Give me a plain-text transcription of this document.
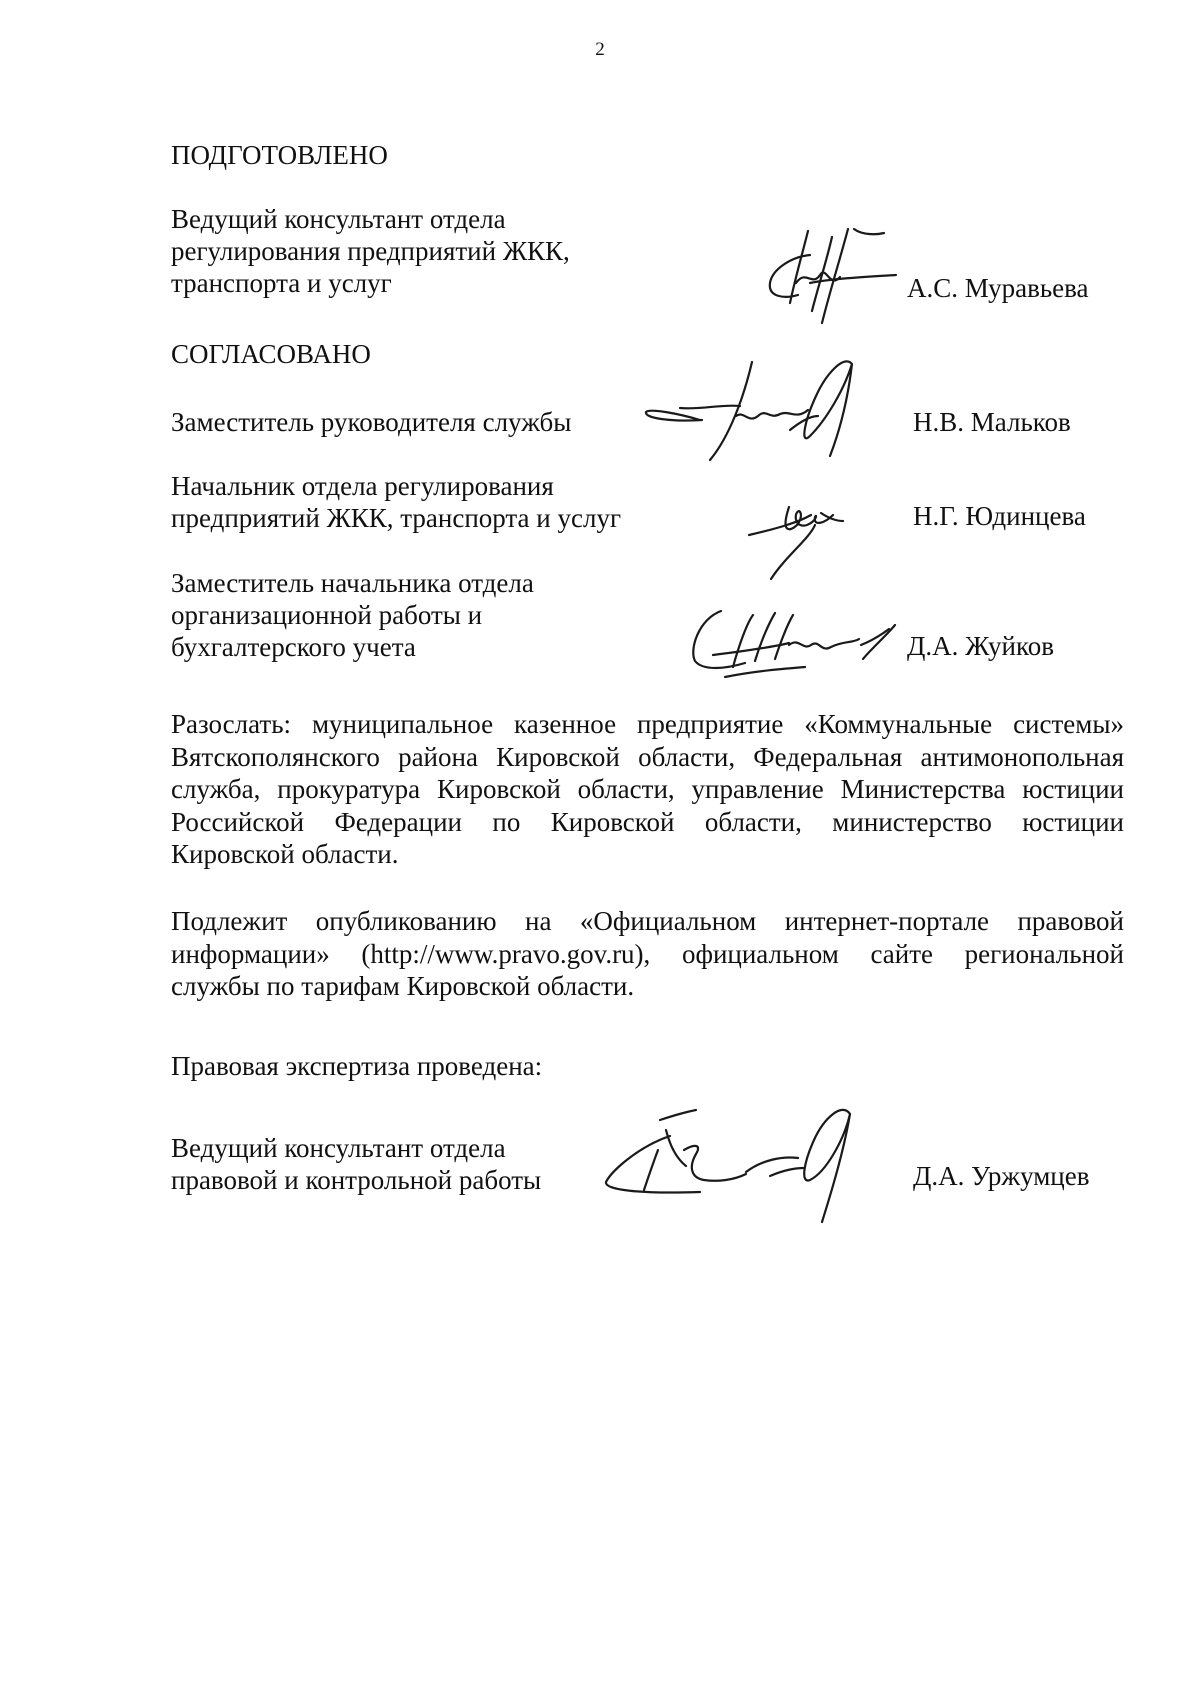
2

ПОДГОТОВЛЕНО

Ведущий консультант отдела
регулирования предприятий ЖКК,
транспорта и услуг	А.С. Муравьева

СОГЛАСОВАНО

Заместитель руководителя службы	Н.В. Мальков

Начальник отдела регулирования
предприятий ЖКК, транспорта и услуг	Н.Г. Юдинцева

Заместитель начальника отдела
организационной работы и
бухгалтерского учета	Д.А. Жуйков

Разослать: муниципальное казенное предприятие «Коммунальные системы»
Вятскополянского района Кировской области, Федеральная антимонопольная
служба, прокуратура Кировской области, управление Министерства юстиции
Российской Федерации по Кировской области, министерство юстиции
Кировской области.
Подлежит опубликованию на «Официальном интернет-портале правовой
информации» (http://www.pravo.gov.ru), официальном сайте региональной
службы по тарифам Кировской области.

Правовая экспертиза проведена:

Ведущий консультант отдела
правовой и контрольной работы	Д.А. Уржумцев
